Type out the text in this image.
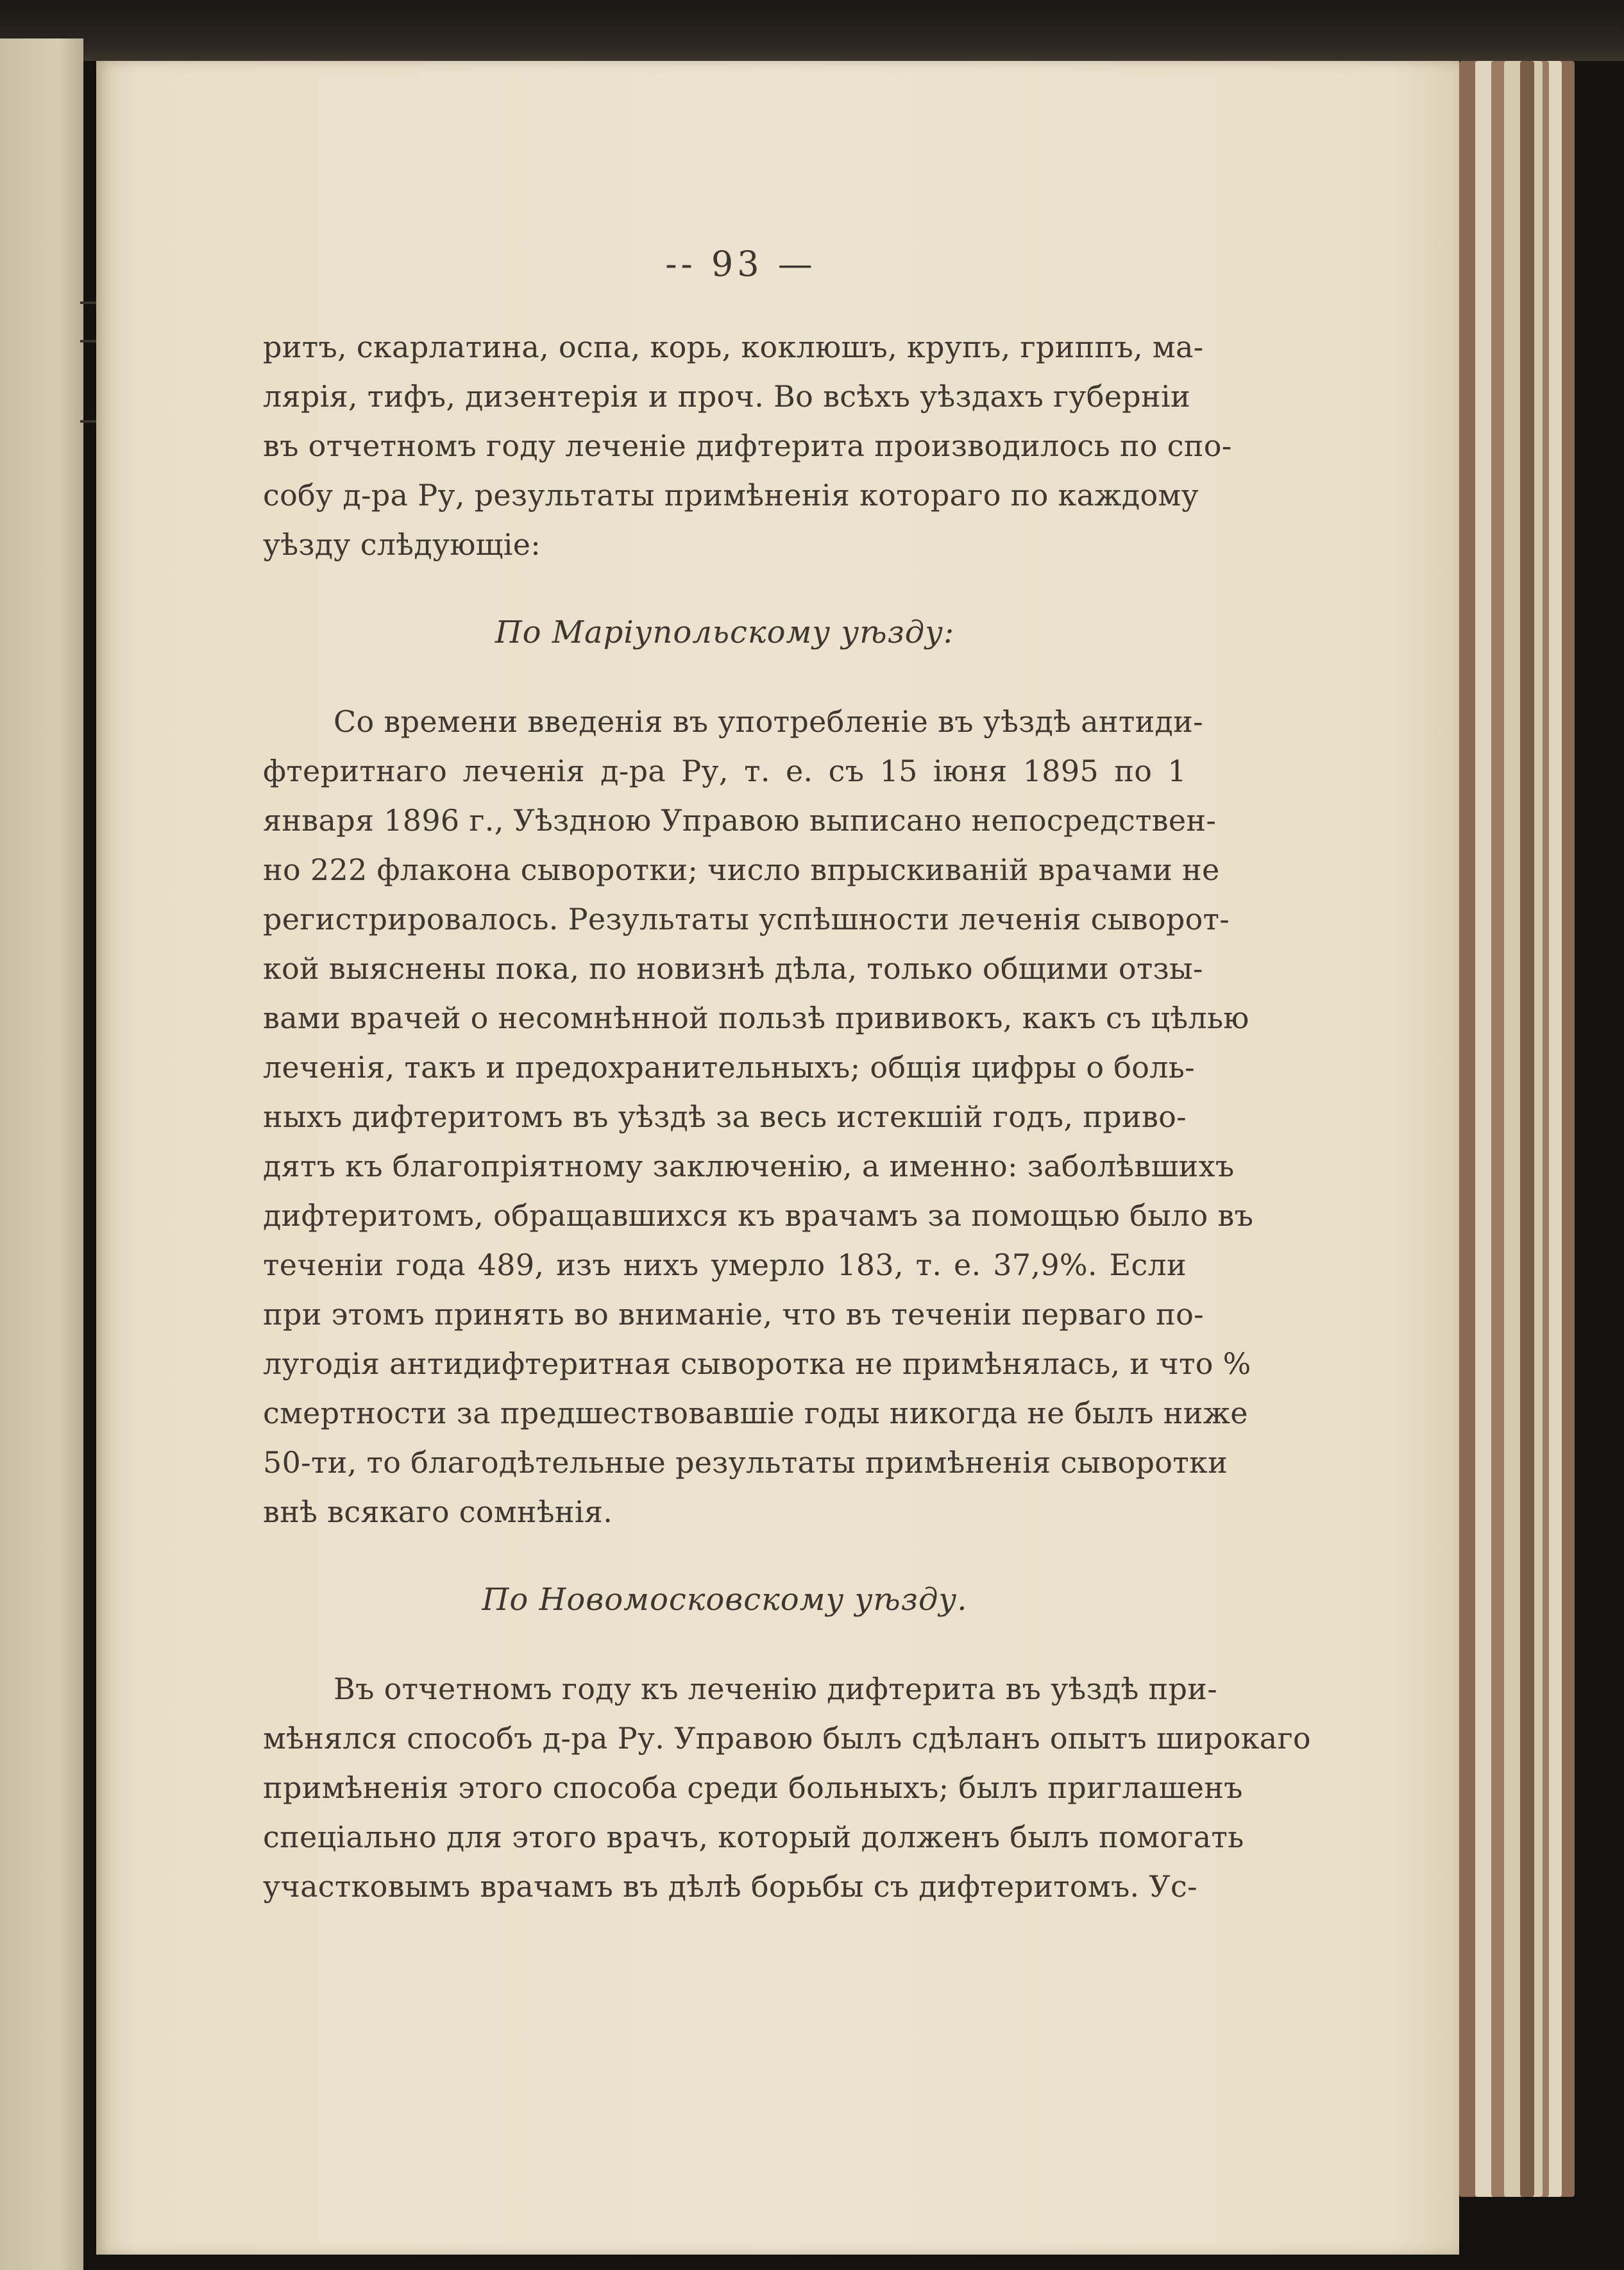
-- 93 —
ритъ, скарлатина, оспа, корь, коклюшъ, крупъ, гриппъ, ма-
лярія, тифъ, дизентерія и проч. Во всѣхъ уѣздахъ губерніи
въ отчетномъ году леченіе дифтерита производилось по спо-
собу д-ра Ру, результаты примѣненія котораго по каждому
уѣзду слѣдующіе:
По Маріупольскому уѣзду:
Со времени введенія въ употребленіе въ уѣздѣ антиди-
фтеритнаго леченія д-ра Ру, т. е. съ 15 іюня 1895 по 1
января 1896 г., Уѣздною Управою выписано непосредствен-
но 222 флакона сыворотки; число впрыскиваній врачами не
регистрировалось. Результаты успѣшности леченія сыворот-
кой выяснены пока, по новизнѣ дѣла, только общими отзы-
вами врачей о несомнѣнной пользѣ прививокъ, какъ съ цѣлью
леченія, такъ и предохранительныхъ; общія цифры о боль-
ныхъ дифтеритомъ въ уѣздѣ за весь истекшій годъ, приво-
дятъ къ благопріятному заключенію, а именно: заболѣвшихъ
дифтеритомъ, обращавшихся къ врачамъ за помощью было въ
теченіи года 489, изъ нихъ умерло 183, т. е. 37,9%. Если
при этомъ принять во вниманіе, что въ теченіи перваго по-
лугодія антидифтеритная сыворотка не примѣнялась, и что %
смертности за предшествовавшіе годы никогда не былъ ниже
50-ти, то благодѣтельные результаты примѣненія сыворотки
внѣ всякаго сомнѣнія.
По Новомосковскому уѣзду.
Въ отчетномъ году къ леченію дифтерита въ уѣздѣ при-
мѣнялся способъ д-ра Ру. Управою былъ сдѣланъ опытъ широкаго
примѣненія этого способа среди больныхъ; былъ приглашенъ
спеціально для этого врачъ, который долженъ былъ помогать
участковымъ врачамъ въ дѣлѣ борьбы съ дифтеритомъ. Ус-
